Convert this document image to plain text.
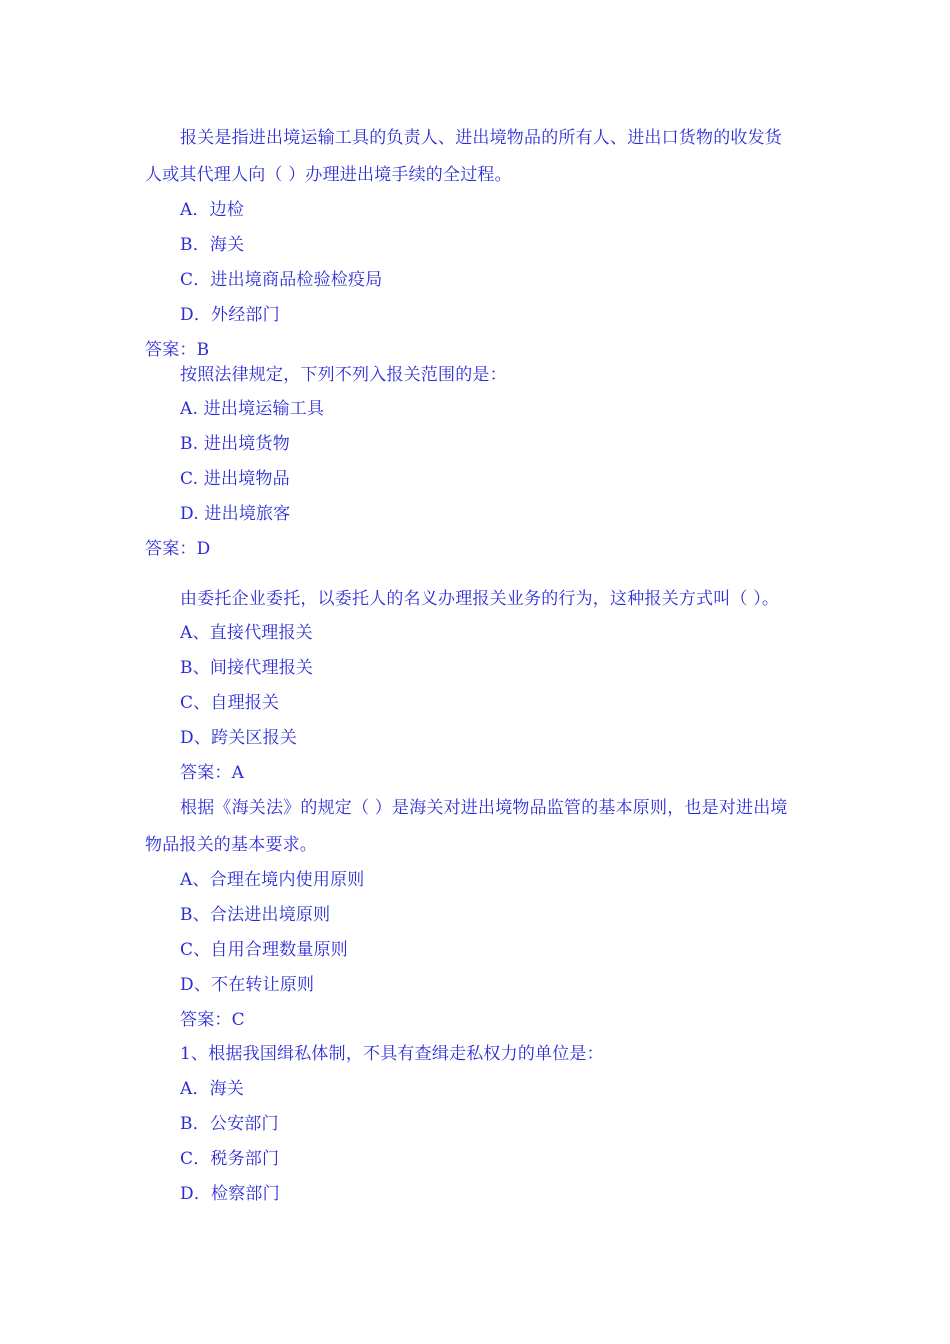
报关是指进出境运输工具的负责人、进出境物品的所有人、进出口货物的收发货
人或其代理人向（ ）办理进出境手续的全过程。
A．边检
B．海关
C．进出境商品检验检疫局
D．外经部门
答案：B
按照法律规定，下列不列入报关范围的是：
A. 进出境运输工具
B. 进出境货物
C. 进出境物品
D. 进出境旅客
答案：D
由委托企业委托，以委托人的名义办理报关业务的行为，这种报关方式叫（ ）。
A、直接代理报关
B、间接代理报关
C、自理报关
D、跨关区报关
答案：A
根据《海关法》的规定（ ）是海关对进出境物品监管的基本原则，也是对进出境
物品报关的基本要求。
A、合理在境内使用原则
B、合法进出境原则
C、自用合理数量原则
D、不在转让原则
答案：C
1、根据我国缉私体制，不具有查缉走私权力的单位是：
A．海关
B．公安部门
C．税务部门
D．检察部门
